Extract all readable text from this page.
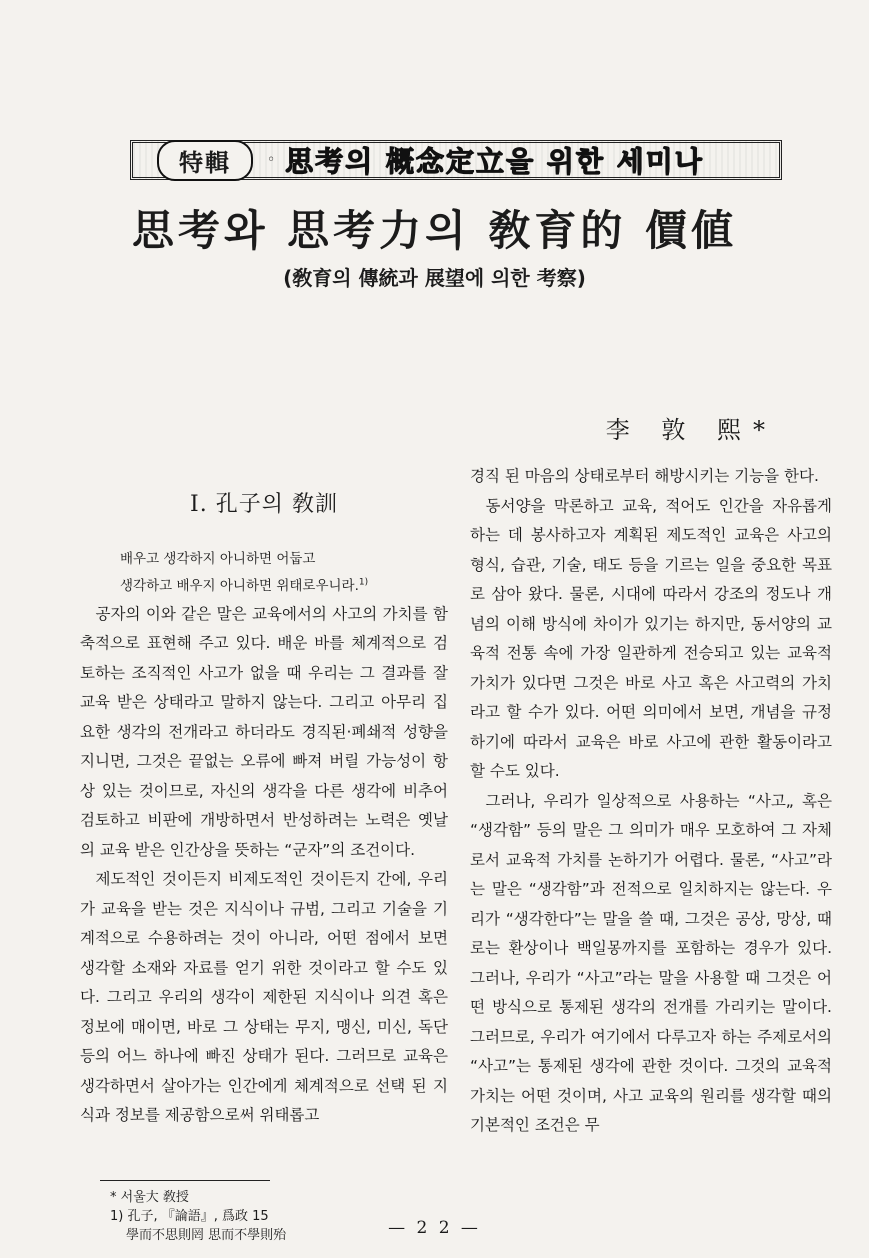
特輯	◦ 思考의 概念定立을 위한 세미나
思考와 思考力의 敎育的 價値
(敎育의 傳統과 展望에 의한 考察)
李 敦 熙*
Ⅰ. 孔子의 敎訓
배우고 생각하지 아니하면 어둡고
생각하고 배우지 아니하면 위태로우니라.$^{1)}$

공자의 이와 같은 말은 교육에서의 사고의 가치를 함축적으로 표현해 주고 있다. 배운 바를 체계적으로 검토하는 조직적인 사고가 없을 때 우리는 그 결과를 잘 교육 받은 상태라고 말하지 않는다. 그리고 아무리 집요한 생각의 전개라고 하더라도 경직된·폐쇄적 성향을 지니면, 그것은 끝없는 오류에 빠져 버릴 가능성이 항상 있는 것이므로, 자신의 생각을 다른 생각에 비추어 검토하고 비판에 개방하면서 반성하려는 노력은 옛날의 교육 받은 인간상을 뜻하는 “군자”의 조건이다.

제도적인 것이든지 비제도적인 것이든지 간에, 우리가 교육을 받는 것은 지식이나 규범, 그리고 기술을 기계적으로 수용하려는 것이 아니라, 어떤 점에서 보면 생각할 소재와 자료를 얻기 위한 것이라고 할 수도 있다. 그리고 우리의 생각이 제한된 지식이나 의견 혹은 정보에 매이면, 바로 그 상태는 무지, 맹신, 미신, 독단 등의 어느 하나에 빠진 상태가 된다. 그러므로 교육은 생각하면서 살아가는 인간에게 체계적으로 선택 된 지식과 정보를 제공함으로써 위태롭고

경직 된 마음의 상태로부터 해방시키는 기능을 한다.

동서양을 막론하고 교육, 적어도 인간을 자유롭게 하는 데 봉사하고자 계획된 제도적인 교육은 사고의 형식, 습관, 기술, 태도 등을 기르는 일을 중요한 목표로 삼아 왔다. 물론, 시대에 따라서 강조의 정도나 개념의 이해 방식에 차이가 있기는 하지만, 동서양의 교육적 전통 속에 가장 일관하게 전승되고 있는 교육적 가치가 있다면 그것은 바로 사고 혹은 사고력의 가치라고 할 수가 있다. 어떤 의미에서 보면, 개념을 규정하기에 따라서 교육은 바로 사고에 관한 활동이라고 할 수도 있다.

그러나, 우리가 일상적으로 사용하는 “사고„ 혹은 “생각함” 등의 말은 그 의미가 매우 모호하여 그 자체로서 교육적 가치를 논하기가 어렵다. 물론, “사고”라는 말은 “생각함”과 전적으로 일치하지는 않는다. 우리가 “생각한다”는 말을 쓸 때, 그것은 공상, 망상, 때로는 환상이나 백일몽까지를 포함하는 경우가 있다. 그러나, 우리가 “사고”라는 말을 사용할 때 그것은 어떤 방식으로 통제된 생각의 전개를 가리키는 말이다. 그러므로, 우리가 여기에서 다루고자 하는 주제로서의 “사고”는 통제된 생각에 관한 것이다. 그것의 교육적 가치는 어떤 것이며, 사고 교육의 원리를 생각할 때의 기본적인 조건은 무

* 서울大 敎授
1) 孔子, 『論語』, 爲政 15
學而不思則罔 思而不學則殆	— 2 2 —
